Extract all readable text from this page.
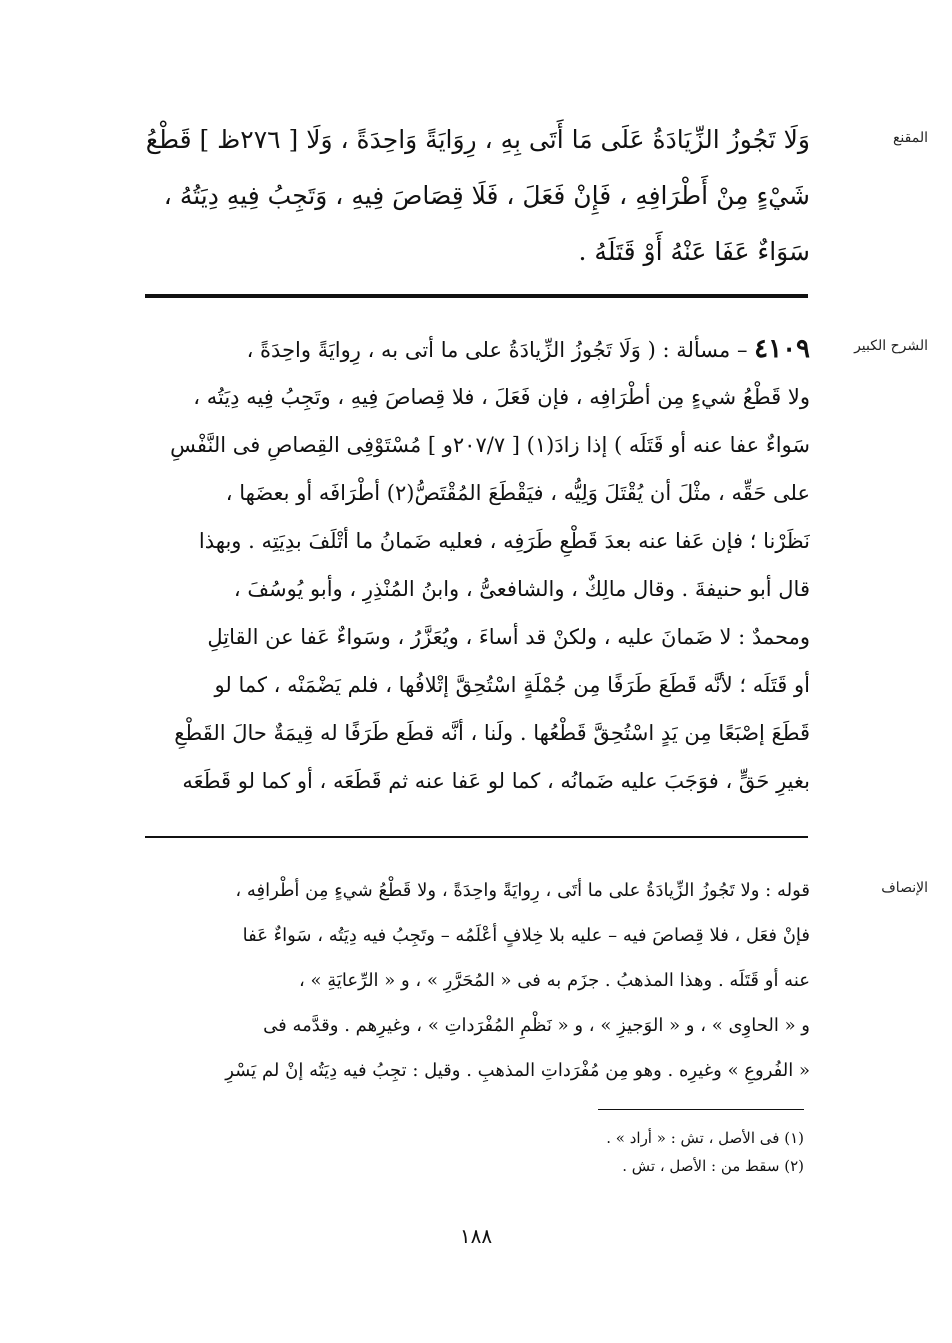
المقنع
وَلَا تَجُوزُ الزِّيَادَةُ عَلَى مَا أَتَى بِهِ ، رِوَايَةً وَاحِدَةً ، وَلَا [ ٢٧٦ظ ] قَطْعُ
شَيْءٍ مِنْ أَطْرَافِهِ ، فَإِنْ فَعَلَ ، فَلَا قِصَاصَ فِيهِ ، وَتَجِبُ فِيهِ دِيَتُهُ ،
سَوَاءٌ عَفَا عَنْهُ أَوْ قَتَلَهُ .
الشرح الكبير
٤١٠٩ – مسألة : ( وَلَا تَجُوزُ الزِّيادَةُ على ما أتى به ، رِوايَةً واحِدَةً ،
ولا قَطْعُ شيءٍ مِن أطْرَافِه ، فإن فَعَلَ ، فلا قِصاصَ فِيهِ ، وتَجِبُ فِيه دِيَتُه ،
سَواءٌ عفا عنه أو قَتَلَه ) إذا زادَ(١) [ ٢٠٧/٧و ] مُسْتَوْفِى القِصاصِ فى النَّفْسِ
على حَقِّه ، مثْلَ أن يُقْتَلَ وَلِيُّه ، فيَقْطَعَ المُقْتَصُّ(٢) أطْرَافَه أو بعضَها ،
نَظَرْنا ؛ فإن عَفا عنه بعدَ قَطْعِ طَرَفِه ، فعليه ضَمانُ ما أتْلَفَ بدِيَتِه . وبهذا
قال أبو حنيفةَ . وقال مالِكٌ ، والشافعىُّ ، وابنُ المُنْذِرِ ، وأبو يُوسُفَ ،
ومحمدٌ : لا ضَمانَ عليه ، ولكنْ قد أساءَ ، ويُعَزَّرُ ، وسَواءٌ عَفا عن القاتِلِ
أو قَتَلَه ؛ لأنَّه قَطَعَ طَرَفًا مِن جُمْلَةٍ اسْتُحِقَّ إتْلافُها ، فلم يَضْمَنْه ، كما لو
قَطَعَ إصْبَعًا مِن يَدٍ اسْتُحِقَّ قَطْعُها . ولَنا ، أنَّه قطَع طَرَفًا له قِيمَةٌ حالَ القَطْعِ
بغيرِ حَقٍّ ، فوَجَبَ عليه ضَمانُه ، كما لو عَفا عنه ثم قَطَعَه ، أو كما لو قَطَعَه
الإنصاف
قوله : ولا تَجُوزُ الزِّيادَةُ على ما أتَى ، رِوايَةً واحِدَةً ، ولا قَطْعُ شيءٍ مِن أطْرافِه ،
فإنْ فعَل ، فلا قِصاصَ فيه – عليه بلا خِلافٍ أعْلَمُه – وتَجِبُ فيه دِيَتُه ، سَواءٌ عَفا
عنه أو قَتَلَه . وهذا المذهبُ . جزَم به فى « المُحَرَّرِ » ، و « الرِّعايَةِ » ،
و « الحاوِى » ، و « الوَجيزِ » ، و « نَظْمِ المُفْرَداتِ » ، وغيرِهم . وقدَّمه فى
« الفُروعِ » وغيرِه . وهو مِن مُفْرَداتِ المذهبِ . وقيل : تجِبُ فيه دِيَتُه إنْ لم يَسْرِ
(١) فى الأصل ، تش : « أراد » .
(٢) سقط من : الأصل ، تش .
١٨٨
